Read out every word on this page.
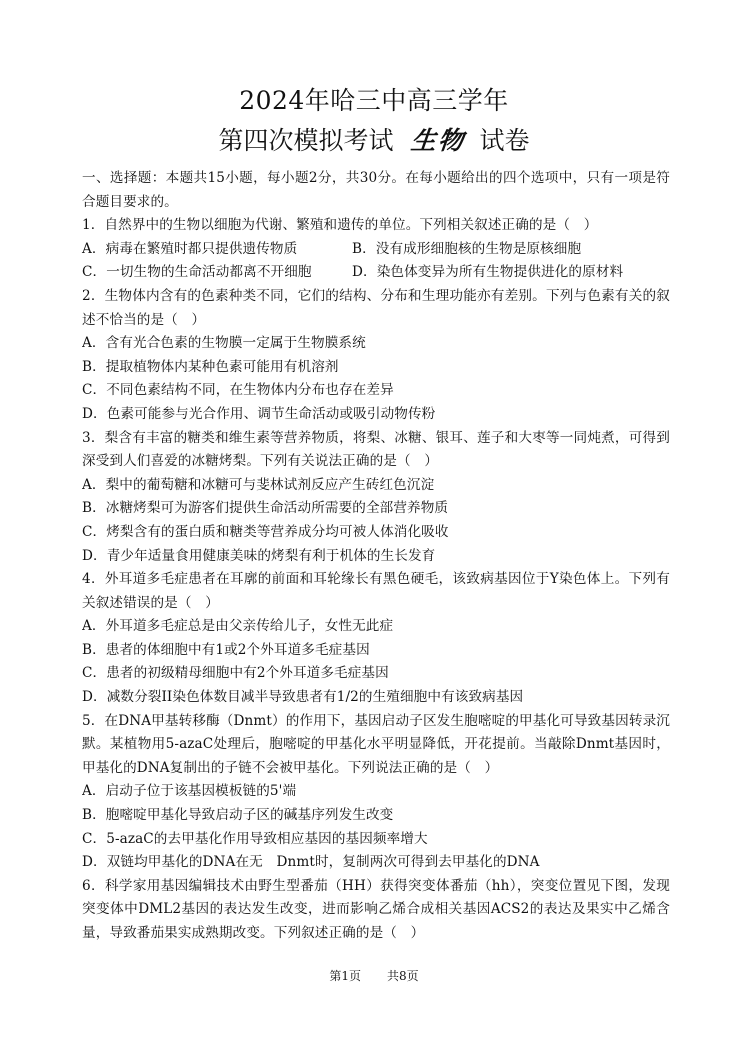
2024年哈三中高三学年
第四次模拟考试 生物 试卷

一、选择题：本题共15小题，每小题2分，共30分。在每小题给出的四个选项中，只有一项是符合题目要求的。

1．自然界中的生物以细胞为代谢、繁殖和遗传的单位。下列相关叙述正确的是（　）

A．病毒在繁殖时都只提供遗传物质	B．没有成形细胞核的生物是原核细胞
C．一切生物的生命活动都离不开细胞	D．染色体变异为所有生物提供进化的原材料

2．生物体内含有的色素种类不同，它们的结构、分布和生理功能亦有差别。下列与色素有关的叙述不恰当的是（　）

A．含有光合色素的生物膜一定属于生物膜系统

B．提取植物体内某种色素可能用有机溶剂

C．不同色素结构不同，在生物体内分布也存在差异

D．色素可能参与光合作用、调节生命活动或吸引动物传粉

3．梨含有丰富的糖类和维生素等营养物质，将梨、冰糖、银耳、莲子和大枣等一同炖煮，可得到深受到人们喜爱的冰糖烤梨。下列有关说法正确的是（　）

A．梨中的葡萄糖和冰糖可与斐林试剂反应产生砖红色沉淀

B．冰糖烤梨可为游客们提供生命活动所需要的全部营养物质

C．烤梨含有的蛋白质和糖类等营养成分均可被人体消化吸收

D．青少年适量食用健康美味的烤梨有利于机体的生长发育

4．外耳道多毛症患者在耳廓的前面和耳轮缘长有黑色硬毛，该致病基因位于Y染色体上。下列有关叙述错误的是（　）

A．外耳道多毛症总是由父亲传给儿子，女性无此症

B．患者的体细胞中有1或2个外耳道多毛症基因

C．患者的初级精母细胞中有2个外耳道多毛症基因

D．减数分裂II染色体数目减半导致患者有1/2的生殖细胞中有该致病基因

5．在DNA甲基转移酶（Dnmt）的作用下，基因启动子区发生胞嘧啶的甲基化可导致基因转录沉默。某植物用5-azaC处理后，胞嘧啶的甲基化水平明显降低，开花提前。当敲除Dnmt基因时，甲基化的DNA复制出的子链不会被甲基化。下列说法正确的是（　）

A．启动子位于该基因模板链的5'端

B．胞嘧啶甲基化导致启动子区的碱基序列发生改变

C．5-azaC的去甲基化作用导致相应基因的基因频率增大

D．双链均甲基化的DNA在无　Dnmt时，复制两次可得到去甲基化的DNA

6．科学家用基因编辑技术由野生型番茄（HH）获得突变体番茄（hh），突变位置见下图，发现突变体中DML2基因的表达发生改变，进而影响乙烯合成相关基因ACS2的表达及果实中乙烯含量，导致番茄果实成熟期改变。下列叙述正确的是（　）

第1页 共8页
